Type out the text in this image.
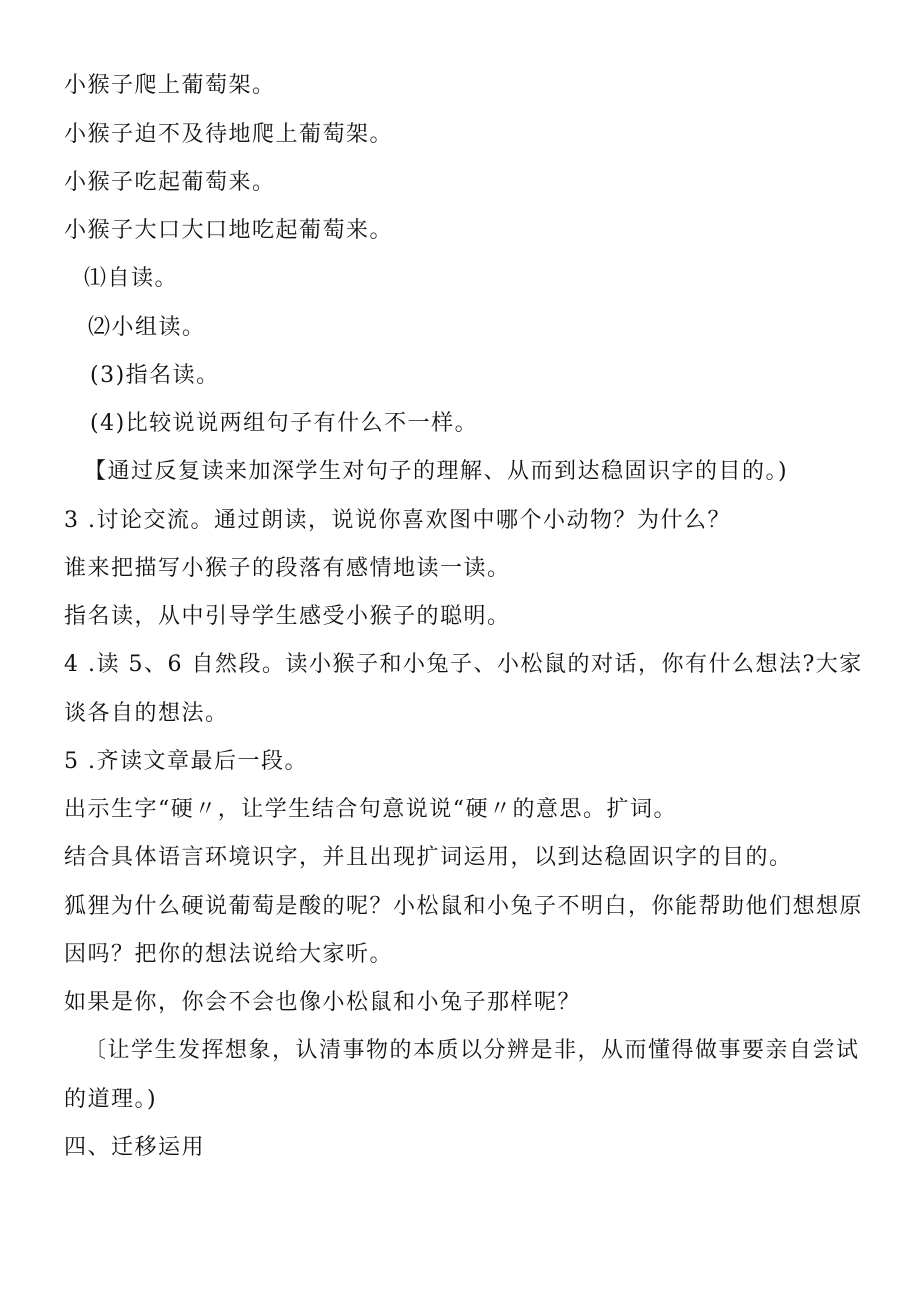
小猴子爬上葡萄架。
小猴子迫不及待地爬上葡萄架。
小猴子吃起葡萄来。
小猴子大口大口地吃起葡萄来。
⑴自读。
⑵小组读。
(3)指名读。
(4)比较说说两组句子有什么不一样。
【通过反复读来加深学生对句子的理解、从而到达稳固识字的目的。)
3 .讨论交流。通过朗读，说说你喜欢图中哪个小动物？为什么？
谁来把描写小猴子的段落有感情地读一读。
指名读，从中引导学生感受小猴子的聪明。
4 .读 5、6 自然段。读小猴子和小兔子、小松鼠的对话，你有什么想法?大家
谈各自的想法。
5 .齐读文章最后一段。
出示生字“硬〃，让学生结合句意说说“硬〃的意思。扩词。
结合具体语言环境识字，并且出现扩词运用，以到达稳固识字的目的。
狐狸为什么硬说葡萄是酸的呢？小松鼠和小兔子不明白，你能帮助他们想想原
因吗？把你的想法说给大家听。
如果是你，你会不会也像小松鼠和小兔子那样呢？
〔让学生发挥想象，认清事物的本质以分辨是非，从而懂得做事要亲自尝试
的道理。)
四、迁移运用
